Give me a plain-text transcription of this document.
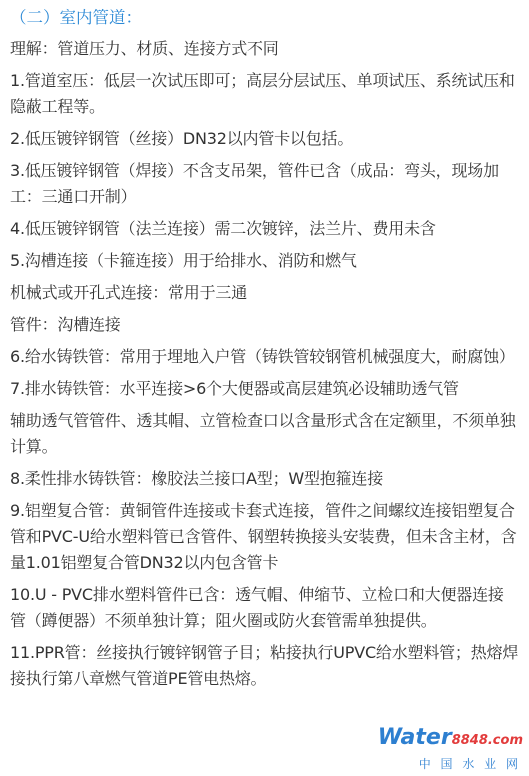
（二）室内管道：
理解：管道压力、材质、连接方式不同
1.管道室压：低层一次试压即可；高层分层试压、单项试压、系统试压和隐蔽工程等。
2.低压镀锌钢管（丝接）DN32以内管卡以包括。
3.低压镀锌钢管（焊接）不含支吊架，管件已含（成品：弯头，现场加工：三通口开制）
4.低压镀锌钢管（法兰连接）需二次镀锌，法兰片、费用未含
5.沟槽连接（卡箍连接）用于给排水、消防和燃气
机械式或开孔式连接：常用于三通
管件：沟槽连接
6.给水铸铁管：常用于埋地入户管（铸铁管较钢管机械强度大，耐腐蚀）
7.排水铸铁管：水平连接>6个大便器或高层建筑必设辅助透气管
辅助透气管管件、透其帽、立管检查口以含量形式含在定额里，不须单独计算。
8.柔性排水铸铁管：橡胶法兰接口A型；W型抱箍连接
9.铝塑复合管：黄铜管件连接或卡套式连接，管件之间螺纹连接铝塑复合管和PVC-U给水塑料管已含管件、钢塑转换接头安装费，但未含主材，含量1.01铝塑复合管DN32以内包含管卡
10.U - PVC排水塑料管件已含：透气帽、伸缩节、立检口和大便器连接管（蹲便器）不须单独计算；阻火圈或防火套管需单独提供。
11.PPR管：丝接执行镀锌钢管子目；粘接执行UPVC给水塑料管；热熔焊接执行第八章燃气管道PE管电热熔。
Water8848.com
中 国 水 业 网
